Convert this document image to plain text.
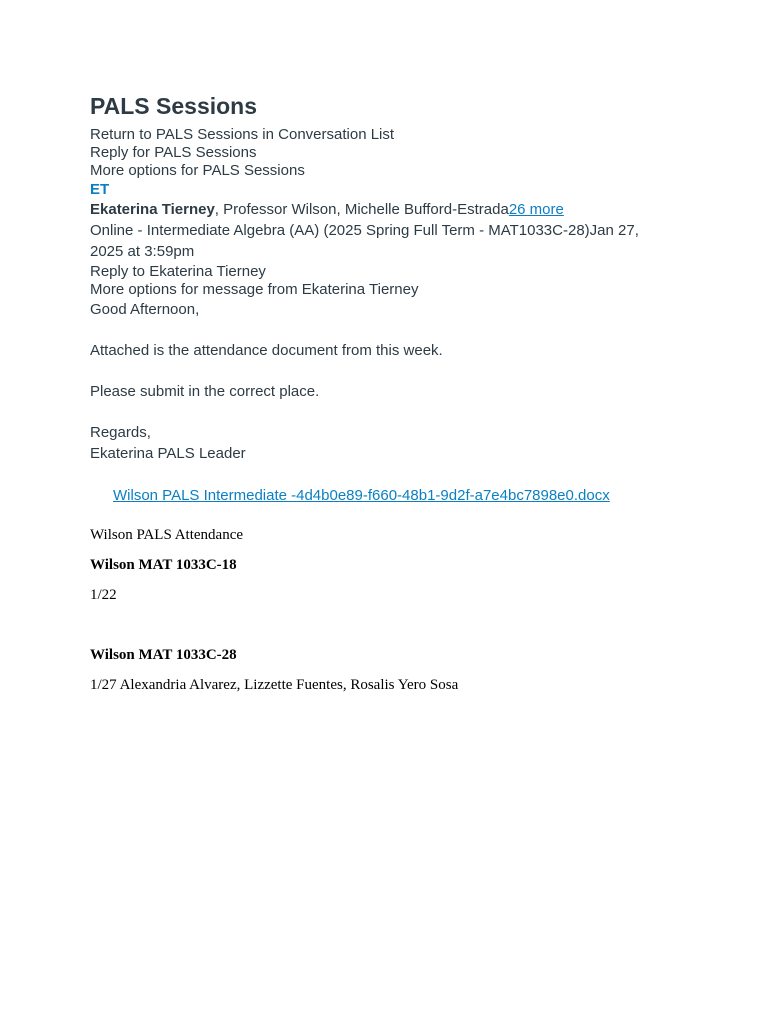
PALS Sessions
Return to PALS Sessions in Conversation List
Reply for PALS Sessions
More options for PALS Sessions
ET
Ekaterina Tierney, Professor Wilson, Michelle Bufford-Estrada26 more
Online - Intermediate Algebra (AA) (2025 Spring Full Term - MAT1033C-28)Jan 27, 2025 at 3:59pm
Reply to Ekaterina Tierney
More options for message from Ekaterina Tierney

Good Afternoon,

Attached is the attendance document from this week.

Please submit in the correct place.

Regards,

Ekaterina PALS Leader

Wilson PALS Intermediate -4d4b0e89-f660-48b1-9d2f-a7e4bc7898e0.docx

Wilson PALS Attendance

Wilson MAT 1033C-18

1/22

Wilson MAT 1033C-28

1/27 Alexandria Alvarez, Lizzette Fuentes, Rosalis Yero Sosa
